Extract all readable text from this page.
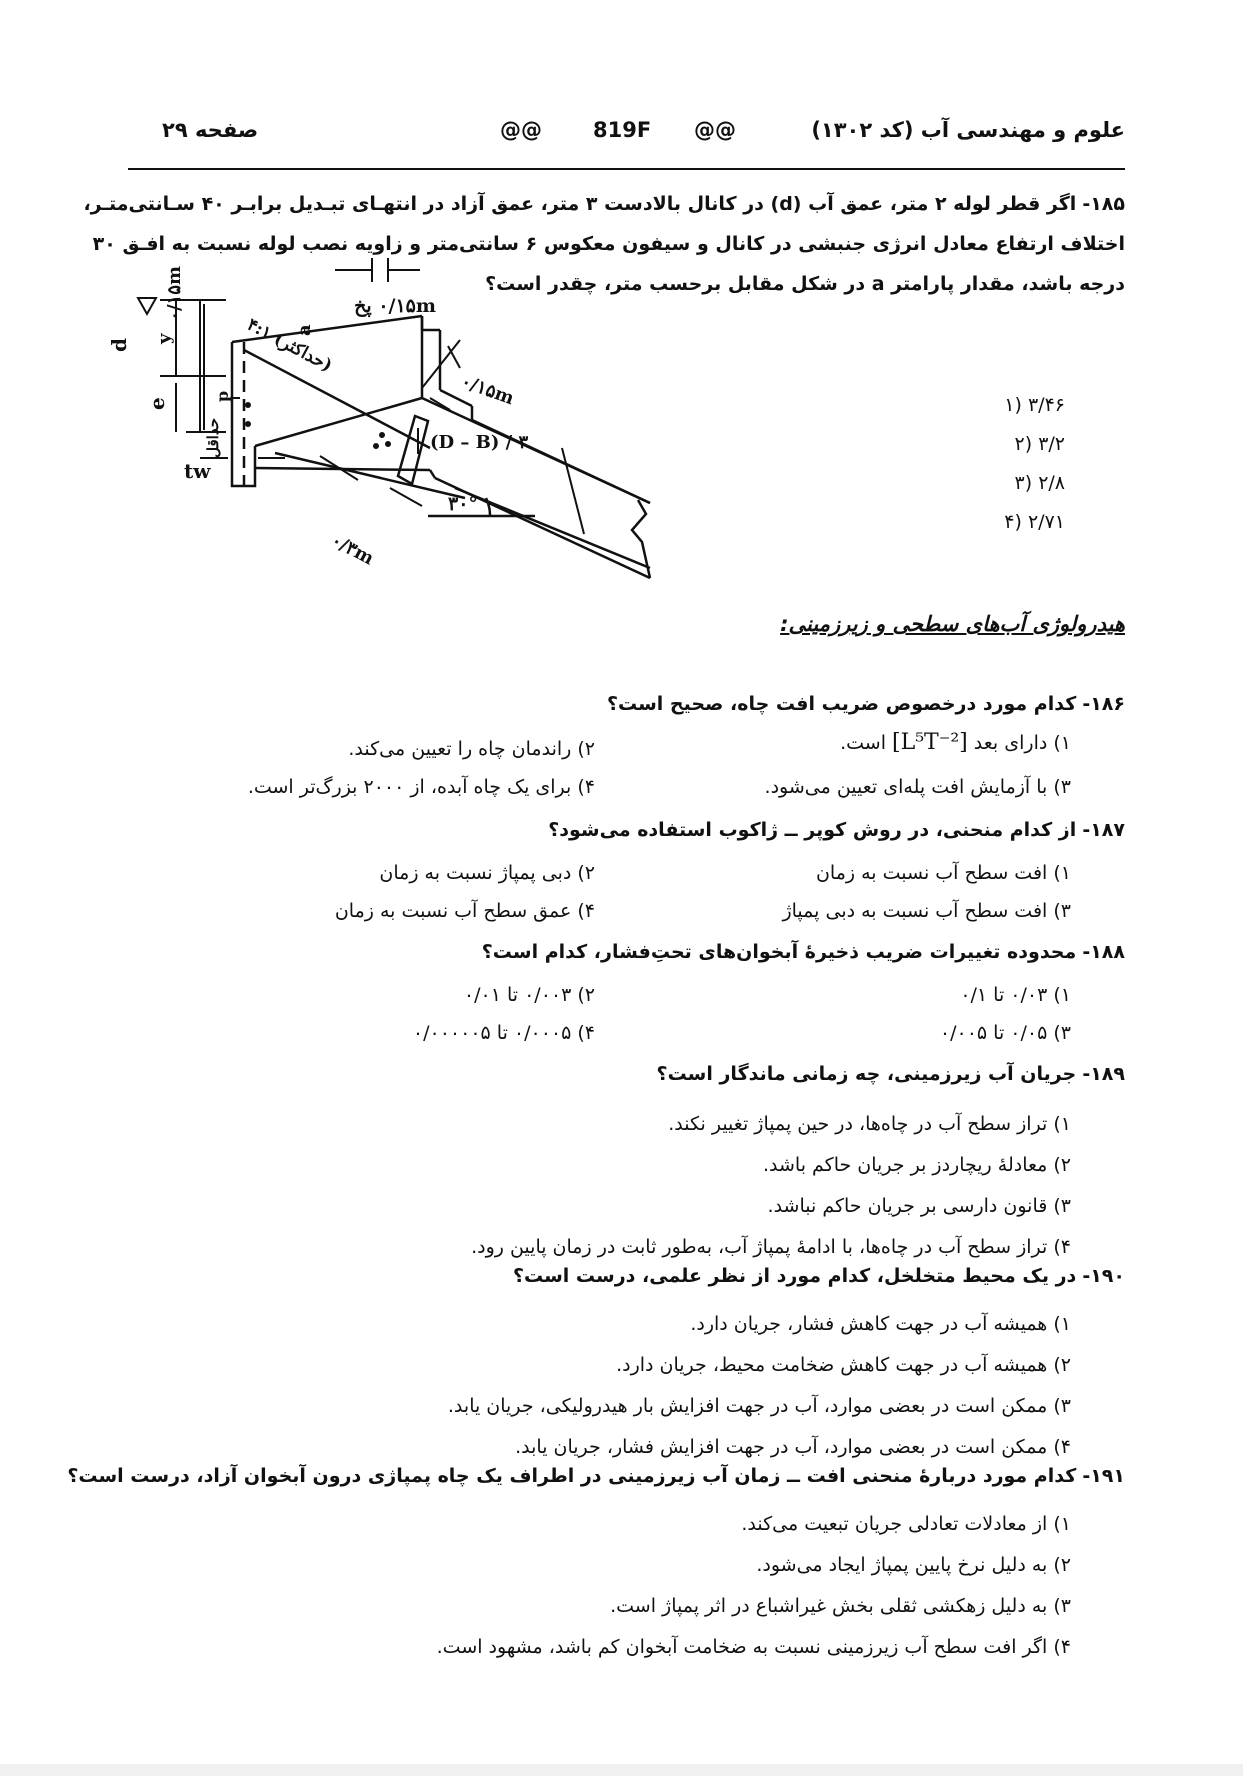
علوم و مهندسی آب (کد ۱۳۰۲)
@@
819F
@@
صفحه ۲۹
۱۸۵- اگر قطر لوله ۲ متر، عمق آب (d) در کانال بالادست ۳ متر، عمق آزاد در انتهـای تبـدیل برابـر ۴۰ سـانتی‌متـر،
اختلاف ارتفاع معادل انرژی جنبشی در کانال و سیفون معکوس ۶ سانتی‌متر و زاویه نصب لوله نسبت به افـق ۳۰
درجه باشد، مقدار پارامتر a در شکل مقابل برحسب متر، چقدر است؟
۳/۴۶ (۱
۳/۲ (۲
۲/۸ (۳
۲/۷۱ (۴
۰/۱۵m	۰/۱۵m پخ
۴:۱ (حداکثر)
a
d y
e
حداقل
p
tw
۰/۱۵m
(D – B) / ۳
۰/۳m
۳۰°
هیدرولوژی آب‌های سطحی و زیرزمینی:
۱۸۶- کدام مورد درخصوص ضریب افت چاه، صحیح است؟
۱) دارای بعد [L⁵T⁻²] است.
۲) راندمان چاه را تعیین می‌کند.
۳) با آزمایش افت پله‌ای تعیین می‌شود.
۴) برای یک چاه آبده، از ۲۰۰۰ بزرگ‌تر است.
۱۸۷- از کدام منحنی، در روش کوپر ــ ژاکوب استفاده می‌شود؟
۱) افت سطح آب نسبت به زمان
۲) دبی پمپاژ نسبت به زمان
۳) افت سطح آب نسبت به دبی پمپاژ
۴) عمق سطح آب نسبت به زمان
۱۸۸- محدوده تغییرات ضریب ذخیرهٔ آبخوان‌های تحتِ‌فشار، کدام است؟
۱) ۰/۰۳ تا ۰/۱
۲) ۰/۰۰۳ تا ۰/۰۱
۳) ۰/۰۵ تا ۰/۰۰۵
۴) ۰/۰۰۰۵ تا ۰/۰۰۰۰۰۵
۱۸۹- جریان آب زیرزمینی، چه زمانی ماندگار است؟
۱) تراز سطح آب در چاه‌ها، در حین پمپاژ تغییر نکند.
۲) معادلهٔ ریچاردز بر جریان حاکم باشد.
۳) قانون دارسی بر جریان حاکم نباشد.
۴) تراز سطح آب در چاه‌ها، با ادامهٔ پمپاژ آب، به‌طور ثابت در زمان پایین رود.
۱۹۰- در یک محیط متخلخل، کدام مورد از نظر علمی، درست است؟
۱) همیشه آب در جهت کاهش فشار، جریان دارد.
۲) همیشه آب در جهت کاهش ضخامت محیط، جریان دارد.
۳) ممکن است در بعضی موارد، آب در جهت افزایش بار هیدرولیکی، جریان یابد.
۴) ممکن است در بعضی موارد، آب در جهت افزایش فشار، جریان یابد.
۱۹۱- کدام مورد دربارهٔ منحنی افت ــ زمان آب زیرزمینی در اطراف یک چاه پمپاژی درون آبخوان آزاد، درست است؟
۱) از معادلات تعادلی جریان تبعیت می‌کند.
۲) به دلیل نرخ پایین پمپاژ ایجاد می‌شود.
۳) به دلیل زهکشی ثقلی بخش غیراشباع در اثر پمپاژ است.
۴) اگر افت سطح آب زیرزمینی نسبت به ضخامت آبخوان کم باشد، مشهود است.
